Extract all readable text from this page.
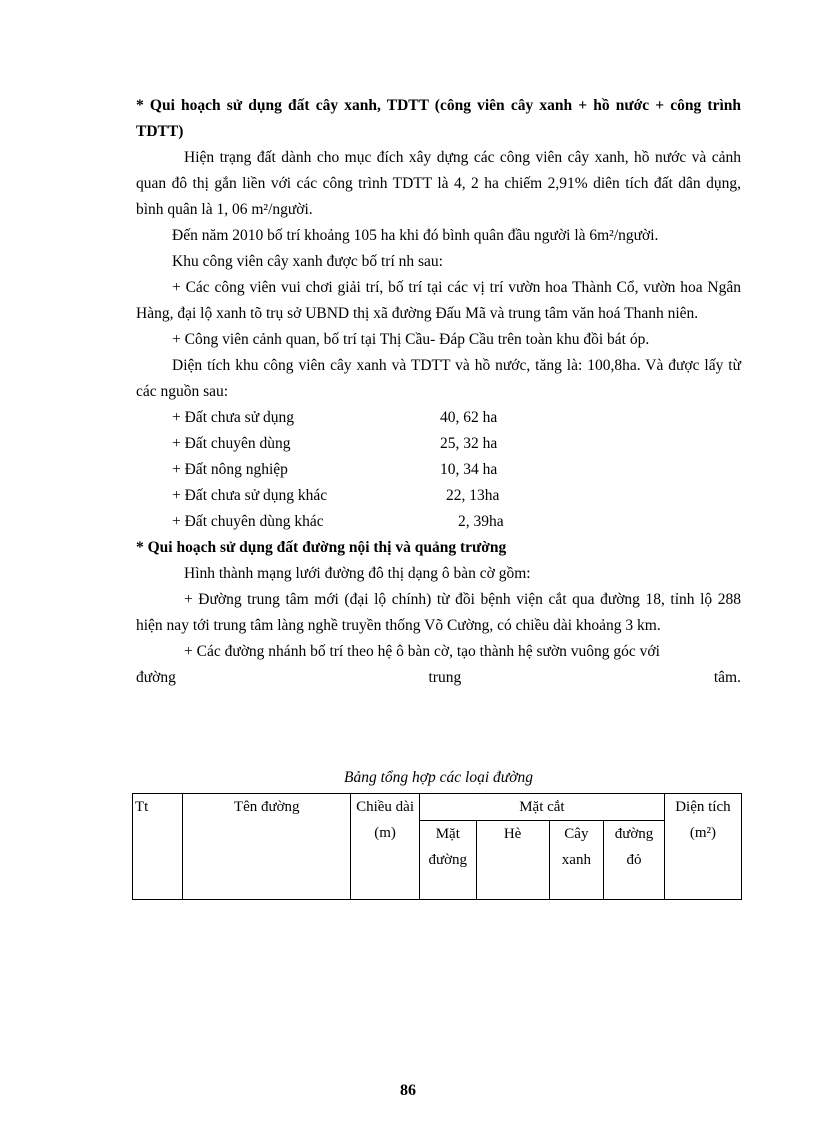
* Qui hoạch sử dụng đất cây xanh, TDTT (công viên cây xanh + hồ nước + công trình TDTT)

Hiện trạng đất dành cho mục đích xây dựng các công viên cây xanh, hồ nước và cảnh quan đô thị gắn liền với các công trình TDTT là 4, 2 ha chiếm 2,91% diên tích đất dân dụng, bình quân là 1, 06 m²/người.

Đến năm 2010 bố trí khoảng 105 ha khi đó bình quân đầu người là 6m²/người.

Khu công viên cây xanh được bố trí nh sau:

+ Các công viên vui chơi giải trí, bố trí tại các vị trí vườn hoa Thành Cổ, vườn hoa Ngân Hàng, đại lộ xanh tõ trụ sở UBND thị xã đường Đấu Mã và trung tâm văn hoá Thanh niên.

+ Công viên cảnh quan, bố trí tại Thị Cầu- Đáp Cầu trên toàn khu đồi bát óp.

Diện tích khu công viên cây xanh và TDTT và hồ nước, tăng là: 100,8ha. Và được lấy từ các nguồn sau:

+ Đất chưa sử dụng	40, 62 ha
+ Đất chuyên dùng	25, 32 ha
+ Đất nông nghiệp	10, 34 ha
+ Đất chưa sử dụng khác	22, 13ha
+ Đất chuyên dùng khác	2, 39ha

* Qui hoạch sử dụng đất đường nội thị và quảng trường

Hình thành mạng lưới đường đô thị dạng ô bàn cờ gồm:

+ Đường trung tâm mới (đại lộ chính) từ đồi bệnh viện cắt qua đường 18, tỉnh lộ 288 hiện nay tới trung tâm làng nghề truyền thống Võ Cường, có chiều dài khoảng 3 km.

+ Các đường nhánh bố trí theo hệ ô bàn cờ, tạo thành hệ sườn vuông góc với

đường	trung	tâm.
Bảng tổng hợp các loại đường
Tt	Tên đường	Chiều dài (m)	Mặt cắt				Diện tích (m²)
			Mặt đường	Hè	Cây xanh	đường đỏ	
86
